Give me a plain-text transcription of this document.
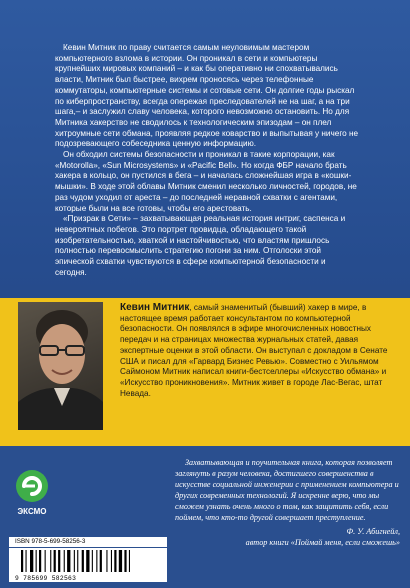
Кевин Митник по праву считается самым неуловимым мастером компьютерного взлома в истории. Он проникал в сети и компьютеры крупнейших мировых компаний – и как бы оперативно ни спохватывались власти, Митник был быстрее, вихрем проносясь через телефонные коммутаторы, компьютерные системы и сотовые сети. Он долгие годы рыскал по киберпространству, всегда опережая преследователей не на шаг, а на три шага,– и заслужил славу человека, которого невозможно остановить. Но для Митника хакерство не сводилось к технологическим эпизодам – он плел хитроумные сети обмана, проявляя редкое коварство и выпытывая у ничего не подозревающего собеседника ценную информацию.

Он обходил системы безопасности и проникал в такие корпорации, как «Motorolla», «Sun Microsystems» и «Pacific Bell». Но когда ФБР начало брать хакера в кольцо, он пустился в бега – и началась сложнейшая игра в «кошки-мышки». В ходе этой облавы Митник сменил несколько личностей, городов, не раз чудом уходил от ареста – до последней неравной схватки с агентами, которые были на все готовы, чтобы его арестовать.

«Призрак в Сети» – захватывающая реальная история интриг, саспенса и невероятных побегов. Это портрет провидца, обладающего такой изобретательностью, хваткой и настойчивостью, что властям пришлось полностью перевосмыслить стратегию погони за ним. Отголоски этой эпической схватки чувствуются в сфере компьютерной безопасности и сегодня.

Кевин Митник, самый знаменитый (бывший) хакер в мире, в настоящее время работает консультантом по компьютерной безопасности. Он появлялся в эфире многочисленных новостных передач и на страницах множества журнальных статей, давая экспертные оценки в этой области. Он выступал с докладом в Сенате США и писал для «Гарвард Бизнес Ревью». Совместно с Уильямом Саймоном Митник написал книги-бестселлеры «Искусство обмана» и «Искусство проникновения». Митник живет в городе Лас-Вегас, штат Невада.
ЭКСМО
Захватывающая и поучительная книга, которая позволяет заглянуть в разум человека, достигшего совершенства в искусстве социальной инженерии с применением компьютера и других современных технологий. Я искренне верю, что мы сможем узнать очень много о том, как защитить себя, если поймем, что кто-то другой совершает преступление.
Ф. У. Абигнейл,
автор книги «Поймай меня, если сможешь»
ISBN 978-5-699-58256-3
9 785699 582563
